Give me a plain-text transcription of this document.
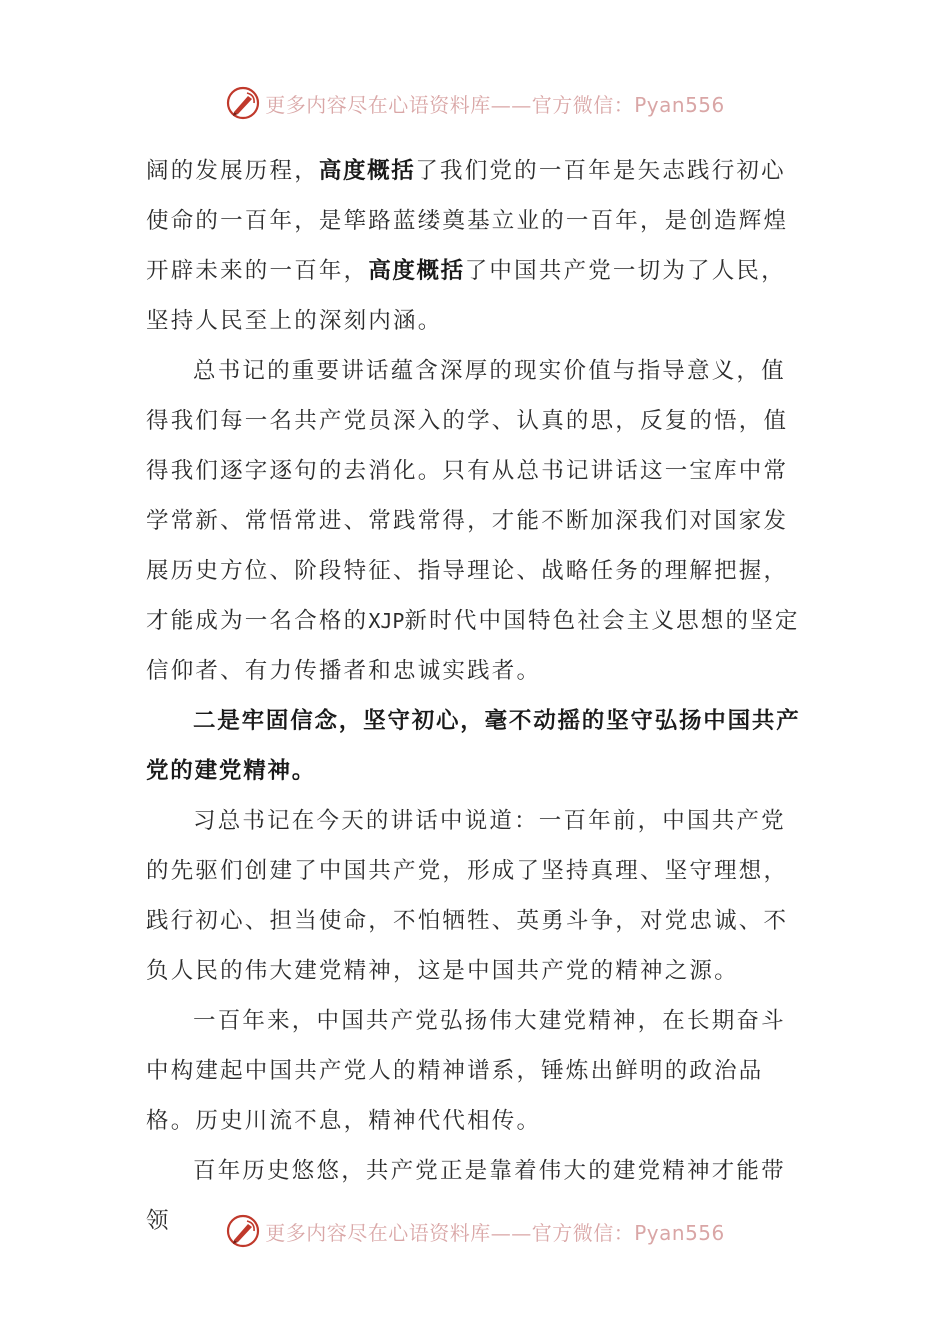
更多内容尽在心语资料库——官方微信：Pyan556

阔的发展历程，高度概括了我们党的一百年是矢志践行初心使命的一百年，是筚路蓝缕奠基立业的一百年，是创造辉煌开辟未来的一百年，高度概括了中国共产党一切为了人民，坚持人民至上的深刻内涵。

总书记的重要讲话蕴含深厚的现实价值与指导意义，值得我们每一名共产党员深入的学、认真的思，反复的悟，值得我们逐字逐句的去消化。只有从总书记讲话这一宝库中常学常新、常悟常进、常践常得，才能不断加深我们对国家发展历史方位、阶段特征、指导理论、战略任务的理解把握，才能成为一名合格的XJP新时代中国特色社会主义思想的坚定信仰者、有力传播者和忠诚实践者。

二是牢固信念，坚守初心，毫不动摇的坚守弘扬中国共产党的建党精神。

习总书记在今天的讲话中说道：一百年前，中国共产党的先驱们创建了中国共产党，形成了坚持真理、坚守理想，践行初心、担当使命，不怕牺牲、英勇斗争，对党忠诚、不负人民的伟大建党精神，这是中国共产党的精神之源。

一百年来，中国共产党弘扬伟大建党精神，在长期奋斗中构建起中国共产党人的精神谱系，锤炼出鲜明的政治品格。历史川流不息，精神代代相传。

百年历史悠悠，共产党正是靠着伟大的建党精神才能带领	更多内容尽在心语资料库——官方微信：Pyan556
